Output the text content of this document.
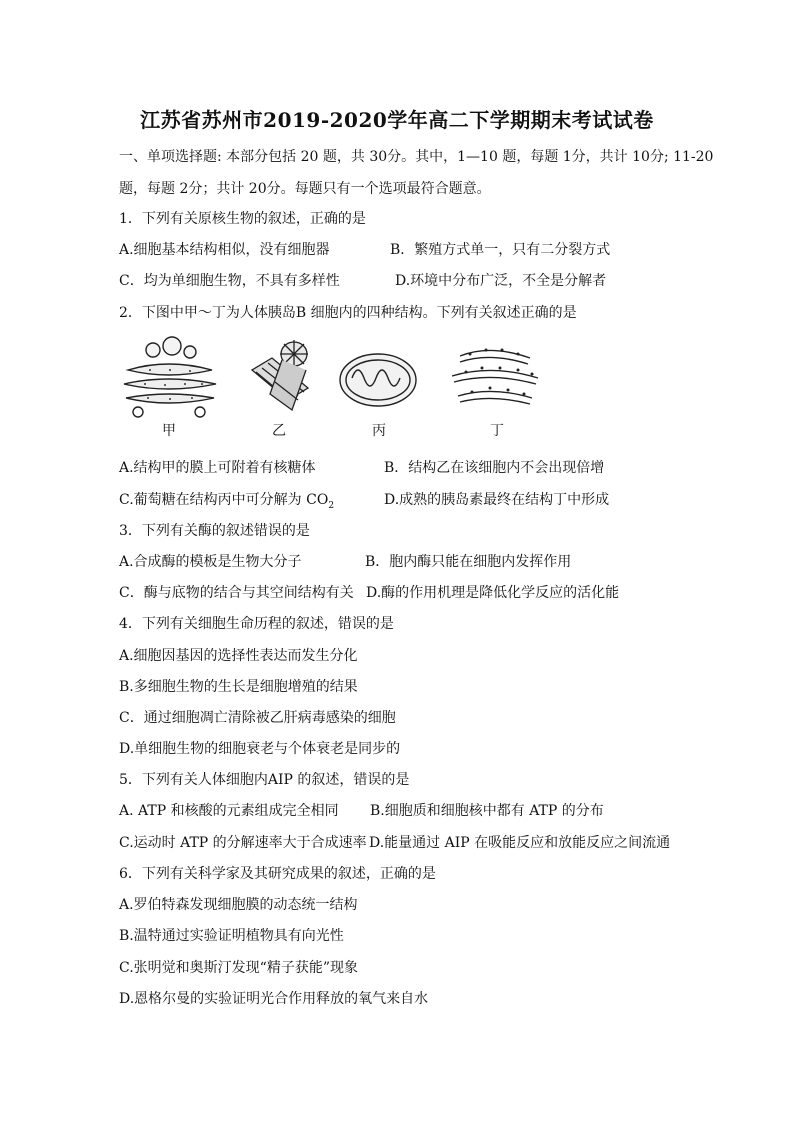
江苏省苏州市2019-2020学年高二下学期期末考试试卷
一、单项选择题: 本部分包括 20 题，共 30分。其中，1—10 题，每题 1分，共计 10分; 11-20
题，每题 2分；共计 20分。每题只有一个选项最符合题意。
1．下列有关原核生物的叙述，正确的是
A.细胞基本结构相似，没有细胞器	B．繁殖方式单一，只有二分裂方式
C．均为单细胞生物，不具有多样性	D.环境中分布广泛，不全是分解者
2．下图中甲～丁为人体胰岛B 细胞内的四种结构。下列有关叙述正确的是
甲	乙	丙	丁
A.结构甲的膜上可附着有核糖体	B．结构乙在该细胞内不会出现倍增
C.葡萄糖在结构丙中可分解为 $CO_2$	D.成熟的胰岛素最终在结构丁中形成
3．下列有关酶的叙述错误的是
A.合成酶的模板是生物大分子	B．胞内酶只能在细胞内发挥作用
C．酶与底物的结合与其空间结构有关 D.酶的作用机理是降低化学反应的活化能
4．下列有关细胞生命历程的叙述，错误的是
A.细胞因基因的选择性表达而发生分化
B.多细胞生物的生长是细胞增殖的结果
C．通过细胞凋亡清除被乙肝病毒感染的细胞
D.单细胞生物的细胞衰老与个体衰老是同步的
5．下列有关人体细胞内AIP 的叙述，错误的是
A. ATP 和核酸的元素组成完全相同 B.细胞质和细胞核中都有 ATP 的分布
C.运动时 ATP 的分解速率大于合成速率 D.能量通过 AIP 在吸能反应和放能反应之间流通
6．下列有关科学家及其研究成果的叙述，正确的是
A.罗伯特森发现细胞膜的动态统一结构
B.温特通过实验证明植物具有向光性
C.张明觉和奥斯汀发现“精子获能”现象
D.恩格尔曼的实验证明光合作用释放的氧气来自水
